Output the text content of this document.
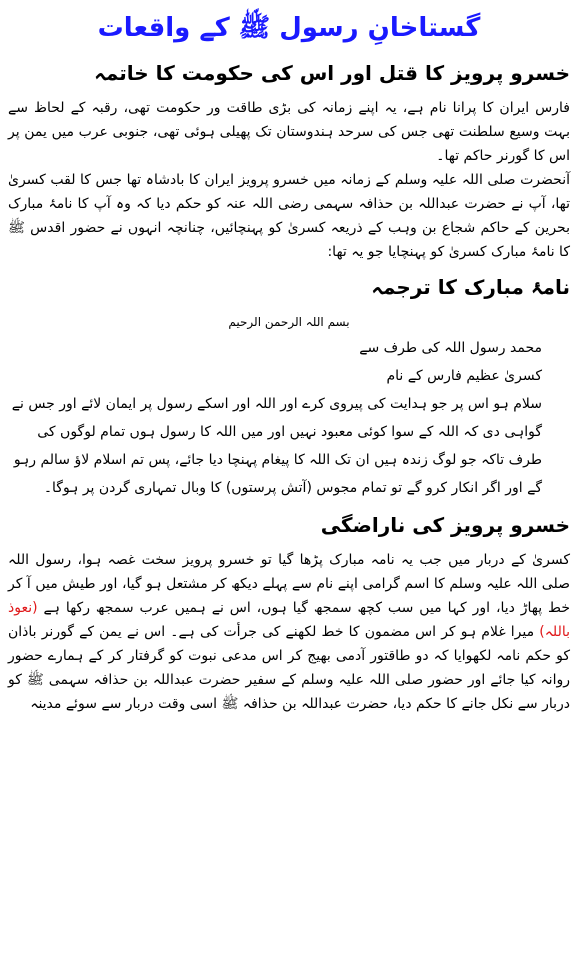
گستاخانِ رسول ﷺ کے واقعات
خسرو پرویز کا قتل اور اس کی حکومت کا خاتمہ

فارس ایران کا پرانا نام ہے، یہ اپنے زمانہ کی بڑی طاقت ور حکومت تھی، رقبہ کے لحاظ سے بہت وسیع سلطنت تھی جس کی سرحد ہندوستان تک پھیلی ہوئی تھی، جنوبی عرب میں یمن پر اس کا گورنر حاکم تھا۔

آنحضرت صلی اللہ علیہ وسلم کے زمانہ میں خسرو پرویز ایران کا بادشاہ تھا جس کا لقب کسریٰ تھا، آپ نے حضرت عبداللہ بن حذافہ سہمی رضی اللہ عنہ کو حکم دیا کہ وہ آپ کا نامۂ مبارک بحرین کے حاکم شجاع بن وہب کے ذریعہ کسریٰ کو پہنچائیں، چنانچہ انہوں نے حضور اقدس ﷺ کا نامۂ مبارک کسریٰ کو پہنچایا جو یہ تھا:

نامۂ مبارک کا ترجمہ

بسم اللہ الرحمن الرحیم

محمد رسول اللہ کی طرف سے

کسریٰ عظیم فارس کے نام

سلام ہو اس پر جو ہدایت کی پیروی کرے اور اللہ اور اسکے رسول پر ایمان لائے اور جس نے گواہی دی کہ اللہ کے سوا کوئی معبود نہیں اور میں اللہ کا رسول ہوں تمام لوگوں کی طرف تاکہ جو لوگ زندہ ہیں ان تک اللہ کا پیغام پہنچا دیا جائے، پس تم اسلام لاؤ سالم رہو گے اور اگر انکار کرو گے تو تمام مجوس (آتش پرستوں) کا وبال تمہاری گردن پر ہوگا۔

خسرو پرویز کی ناراضگی

کسریٰ کے دربار میں جب یہ نامہ مبارک پڑھا گیا تو خسرو پرویز سخت غصہ ہوا، رسول اللہ صلی اللہ علیہ وسلم کا اسم گرامی اپنے نام سے پہلے دیکھ کر مشتعل ہو گیا، اور طیش میں آ کر خط پھاڑ دیا، اور کہا میں سب کچھ سمجھ گیا ہوں، اس نے ہمیں عرب سمجھ رکھا ہے (نعوذ باللہ) میرا غلام ہو کر اس مضمون کا خط لکھنے کی جرأت کی ہے۔ اس نے یمن کے گورنر باذان کو حکم نامہ لکھوایا کہ دو طاقتور آدمی بھیج کر اس مدعی نبوت کو گرفتار کر کے ہمارے حضور روانہ کیا جائے اور حضور صلی اللہ علیہ وسلم کے سفیر حضرت عبداللہ بن حذافہ سہمی ﷺ کو دربار سے نکل جانے کا حکم دیا، حضرت عبداللہ بن حذافہ ﷺ اسی وقت دربار سے سوئے مدینہ
